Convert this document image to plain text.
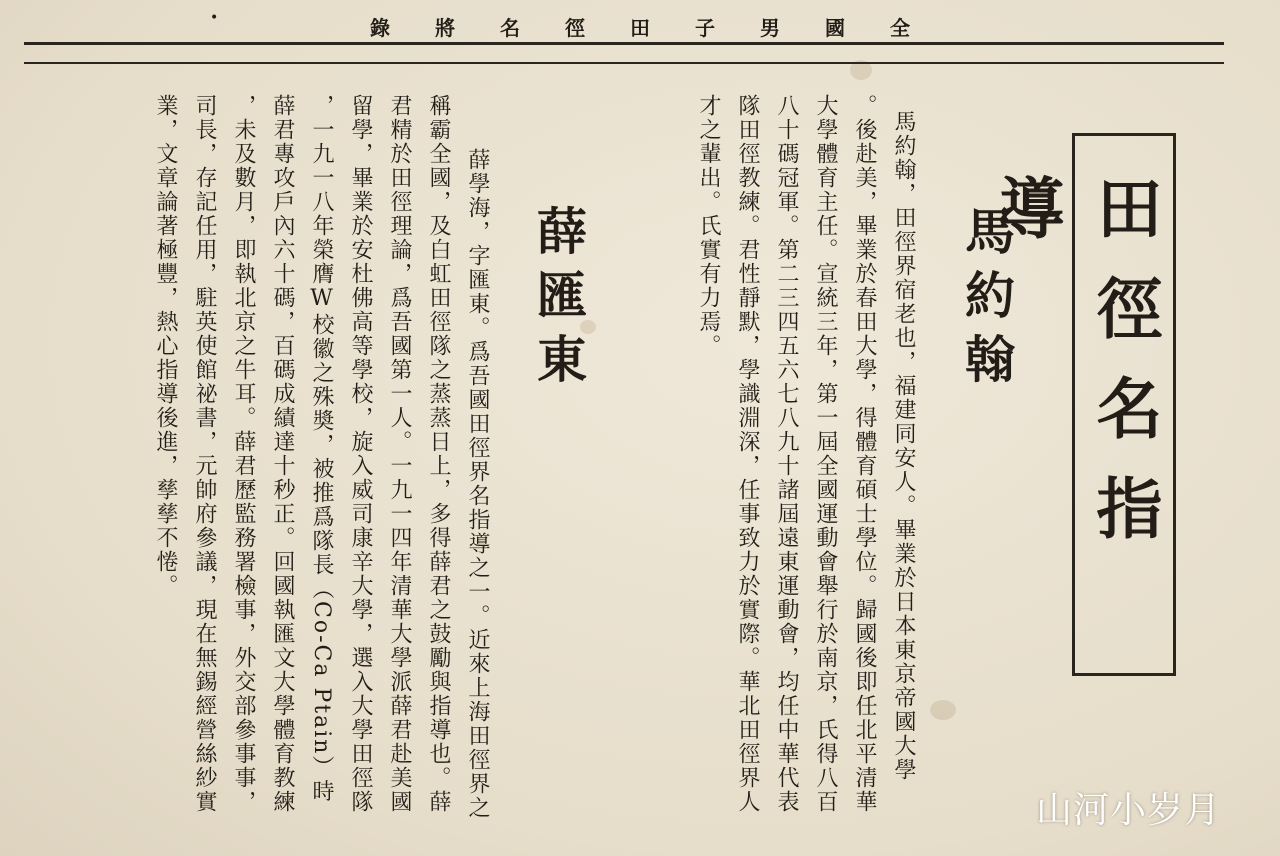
•	全
國
男
子
田
徑
名
將
錄
田徑名指導
馬約翰
馬約翰，田徑界宿老也，福建同安人。畢業於日本東京帝國大學
。後赴美，畢業於春田大學，得體育碩士學位。歸國後即任北平清華
大學體育主任。宣統三年，第一屆全國運動會舉行於南京，氏得八百
八十碼冠軍。第二三四五六七八九十諸屆遠東運動會，均任中華代表
隊田徑教練。君性靜默，學識淵深，任事致力於實際。華北田徑界人
才之輩出。氏實有力焉。
薛匯東
薛學海，字匯東。爲吾國田徑界名指導之一。近來上海田徑界之
稱霸全國，及白虹田徑隊之蒸蒸日上，多得薛君之鼓勵與指導也。薛
君精於田徑理論，爲吾國第一人。一九一四年清華大學派薛君赴美國
留學，畢業於安杜佛高等學校，旋入威司康辛大學，選入大學田徑隊
，一九一八年榮膺W校徽之殊奬，被推爲隊長（Co-Ca Ptain）時
薛君專攻戶內六十碼，百碼成績達十秒正。回國執匯文大學體育教練
，未及數月，即執北京之牛耳。薛君歷監務署檢事，外交部參事事，
司長，存記任用，駐英使館祕書，元帥府參議，現在無錫經營絲紗實
業，文章論著極豐，熱心指導後進，孳孳不惓。
山河小岁月
